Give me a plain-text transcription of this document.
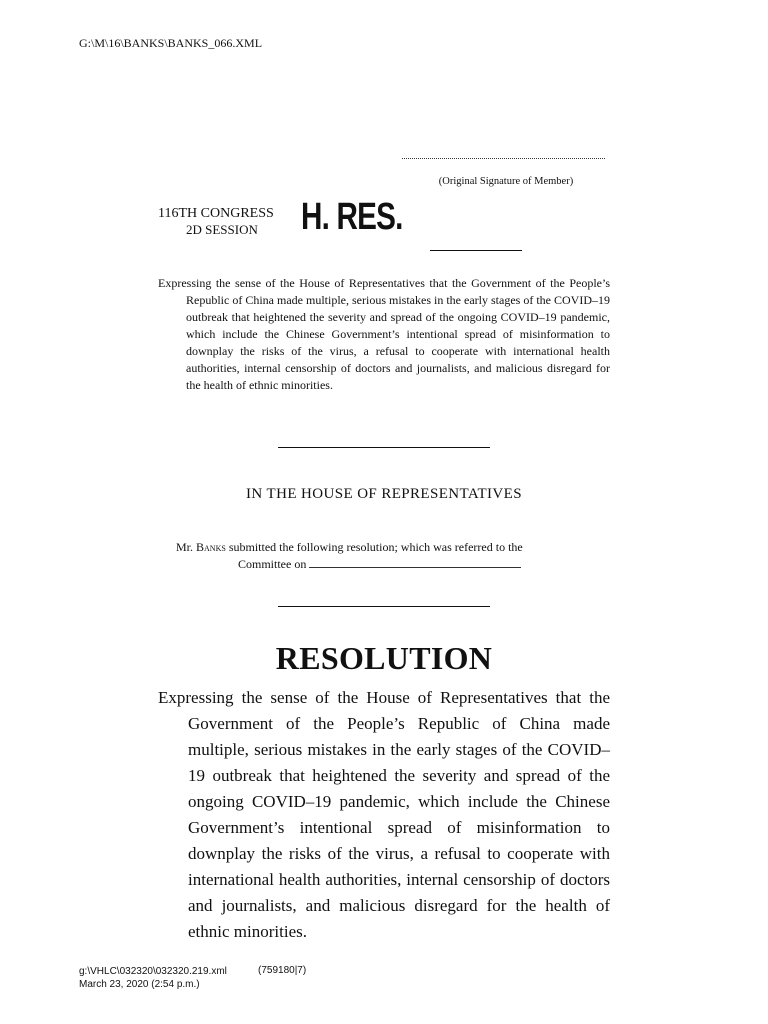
G:\M\16\BANKS\BANKS_066.XML
(Original Signature of Member)
116TH CONGRESS
2D SESSION H. RES.
Expressing the sense of the House of Representatives that the Government of the People’s Republic of China made multiple, serious mistakes in the early stages of the COVID–19 outbreak that heightened the severity and spread of the ongoing COVID–19 pandemic, which include the Chinese Government’s intentional spread of misinformation to downplay the risks of the virus, a refusal to cooperate with international health authorities, internal censorship of doctors and journalists, and malicious disregard for the health of ethnic minorities.
IN THE HOUSE OF REPRESENTATIVES
Mr. Banks submitted the following resolution; which was referred to the
Committee on
RESOLUTION
Expressing the sense of the House of Representatives that the Government of the People’s Republic of China made multiple, serious mistakes in the early stages of the COVID–19 outbreak that heightened the severity and spread of the ongoing COVID–19 pandemic, which include the Chinese Government’s intentional spread of misinformation to downplay the risks of the virus, a refusal to cooperate with international health authorities, internal censorship of doctors and journalists, and malicious disregard for the health of ethnic minorities.
g:\VHLC\032320\032320.219.xml
March 23, 2020 (2:54 p.m.)
(759180|7)
